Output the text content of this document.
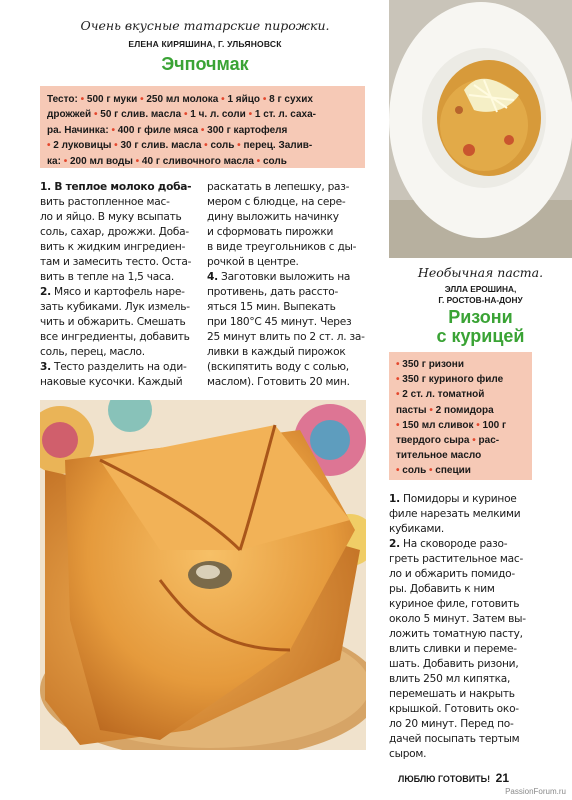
Очень вкусные татарские пирожки.
ЕЛЕНА КИРЯШИНА, Г. УЛЬЯНОВСК
Эчпочмак
Тесто: • 500 г муки • 250 мл молока • 1 яйцо • 8 г сухих
дрожжей • 50 г слив. масла • 1 ч. л. соли • 1 ст. л. саха-
ра. Начинка: • 400 г филе мяса • 300 г картофеля
• 2 луковицы • 30 г слив. масла • соль • перец. Залив-
ка: • 200 мл воды • 40 г сливочного масла • соль

1. В теплое молоко доба-

вить растопленное мас-

ло и яйцо. В муку всыпать

соль, сахар, дрожжи. Доба-

вить к жидким ингредиен-

там и замесить тесто. Оста-

вить в тепле на 1,5 часа.

2. Мясо и картофель наре-

зать кубиками. Лук измель-

чить и обжарить. Смешать

все ингредиенты, добавить

соль, перец, масло.

3. Тесто разделить на оди-

наковые кусочки. Каждый

раскатать в лепешку, раз-

мером с блюдце, на сере-

дину выложить начинку

и сформовать пирожки

в виде треугольников с ды-

рочкой в центре.

4. Заготовки выложить на

противень, дать рассто-

яться 15 мин. Выпекать

при 180°С 45 минут. Через

25 минут влить по 2 ст. л. за-

ливки в каждый пирожок

(вскипятить воду с солью,

маслом). Готовить 20 мин.

Необычная паста.
ЭЛЛА ЕРОШИНА,
Г. РОСТОВ-НА-ДОНУ
Ризони
с курицей
• 350 г ризони
• 350 г куриного филе
• 2 ст. л. томатной
пасты • 2 помидора
• 150 мл сливок • 100 г
твердого сыра • рас-
тительное масло
• соль • специи

1. Помидоры и куриное

филе нарезать мелкими

кубиками.

2. На сковороде разо-

греть растительное мас-

ло и обжарить помидо-

ры. Добавить к ним

куриное филе, готовить

около 5 минут. Затем вы-

ложить томатную пасту,

влить сливки и переме-

шать. Добавить ризони,

влить 250 мл кипятка,

перемешать и накрыть

крышкой. Готовить око-

ло 20 минут. Перед по-

дачей посыпать тертым

сыром.

ЛЮБЛЮ ГОТОВИТЬ! 21
PassionForum.ru
